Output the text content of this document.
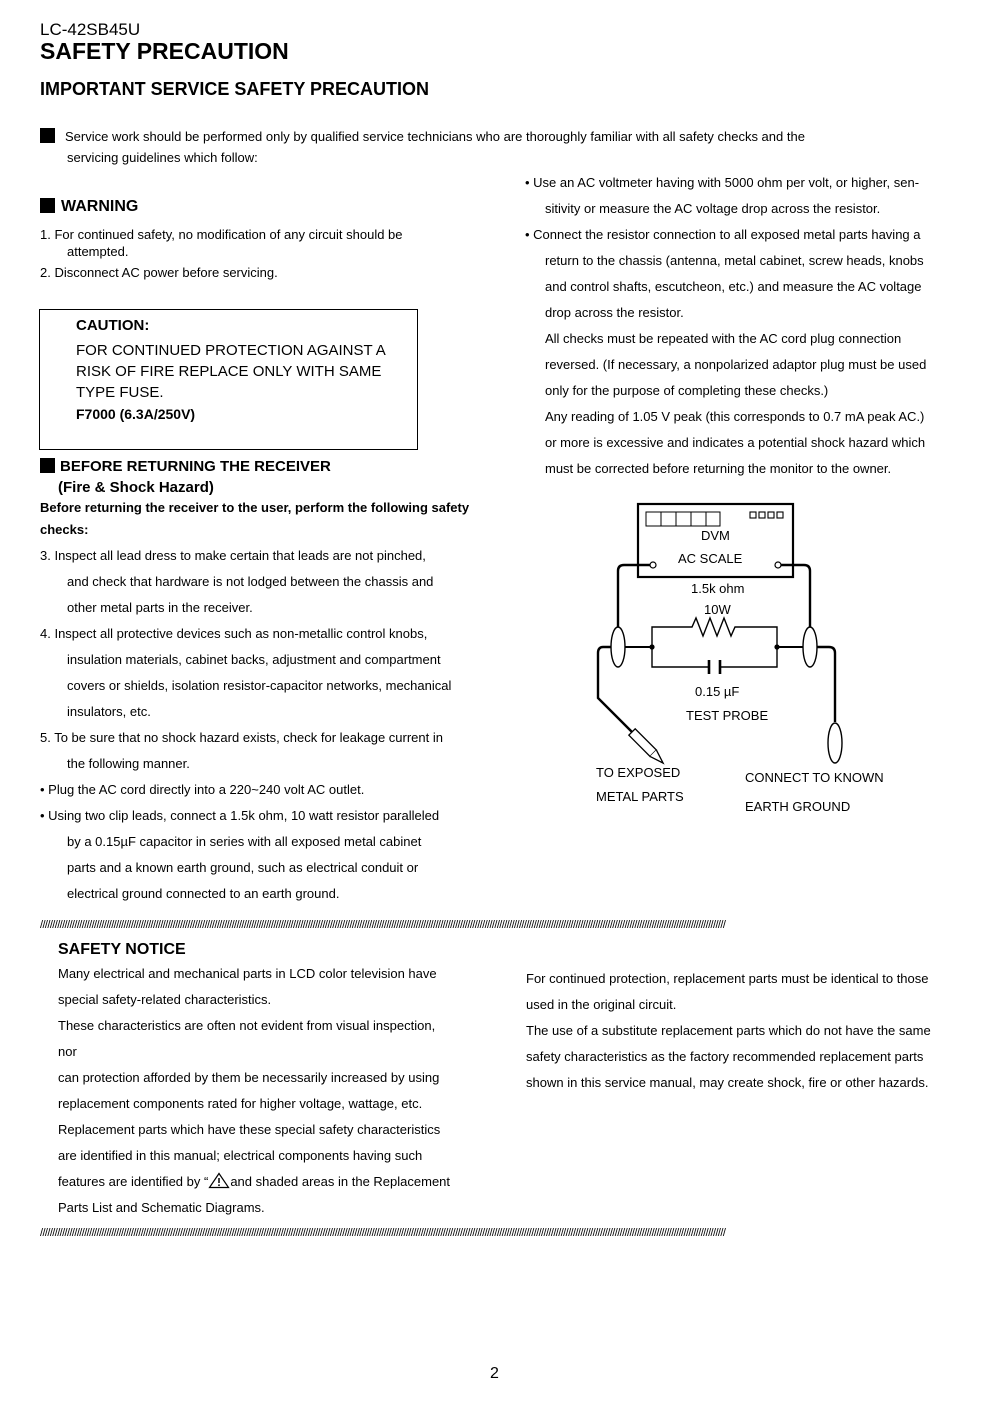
LC-42SB45U
SAFETY PRECAUTION
IMPORTANT SERVICE SAFETY PRECAUTION
Service work should be performed only by qualified service technicians who are thoroughly familiar with all safety checks and the
servicing guidelines which follow:
WARNING
1. For continued safety, no modification of any circuit should be
attempted.
2. Disconnect AC power before servicing.
CAUTION:
FOR CONTINUED PROTECTION AGAINST A RISK OF FIRE REPLACE ONLY WITH SAME TYPE FUSE.
F7000 (6.3A/250V)
BEFORE RETURNING THE RECEIVER
(Fire & Shock Hazard)
Before returning the receiver to the user, perform the following safety checks:
3. Inspect all lead dress to make certain that leads are not pinched,
and check that hardware is not lodged between the chassis and
other metal parts in the receiver.
4. Inspect all protective devices such as non-metallic control knobs,
insulation materials, cabinet backs, adjustment and compartment
covers or shields, isolation resistor-capacitor networks, mechanical
insulators, etc.
5. To be sure that no shock hazard exists, check for leakage current in
the following manner.
• Plug the AC cord directly into a 220~240 volt AC outlet.
• Using two clip leads, connect a 1.5k ohm, 10 watt resistor paralleled
by a 0.15µF capacitor in series with all exposed metal cabinet
parts and a known earth ground, such as electrical conduit or
electrical ground connected to an earth ground.
• Use an AC voltmeter having with 5000 ohm per volt, or higher, sen-
sitivity or measure the AC voltage drop across the resistor.
• Connect the resistor connection to all exposed metal parts having a
return to the chassis (antenna, metal cabinet, screw heads, knobs
and control shafts, escutcheon, etc.) and measure the AC voltage
drop across the resistor.
All checks must be repeated with the AC cord plug connection
reversed. (If necessary, a nonpolarized adaptor plug must be used
only for the purpose of completing these checks.)
Any reading of 1.05 V peak (this corresponds to 0.7 mA peak AC.)
or more is excessive and indicates a potential shock hazard which
must be corrected before returning the monitor to the owner.
DVM
AC SCALE
1.5k ohm
10W
0.15 µF
TEST PROBE
TO EXPOSED
METAL PARTS
CONNECT TO KNOWN
EARTH GROUND
///////////////////////////////////////////////////////////////////////////////////////////////////////////////////////////////////////////////////////////////////////////////////////////////////////////////////////////////////////////////////////////////////////////////////////
SAFETY NOTICE
Many electrical and mechanical parts in LCD color television have
special safety-related characteristics.
These characteristics are often not evident from visual inspection,
nor
can protection afforded by them be necessarily increased by using
replacement components rated for higher voltage, wattage, etc.
Replacement parts which have these special safety characteristics
are identified in this manual; electrical components having such
features are identified by “ and shaded areas in the Replacement
Parts List and Schematic Diagrams.
For continued protection, replacement parts must be identical to those
used in the original circuit.
The use of a substitute replacement parts which do not have the same
safety characteristics as the factory recommended replacement parts
shown in this service manual, may create shock, fire or other hazards.
///////////////////////////////////////////////////////////////////////////////////////////////////////////////////////////////////////////////////////////////////////////////////////////////////////////////////////////////////////////////////////////////////////////////////////
2
